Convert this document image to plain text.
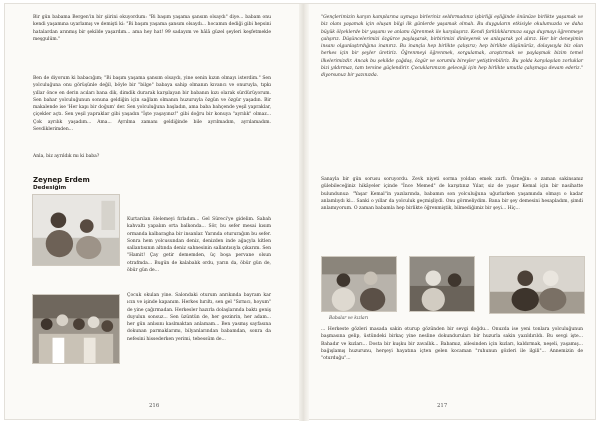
Bir gün babama Bergen'in bir şiirini okuyordum: "Bi başım yaşama şansım olsaydı" diye... babam onu kendi yaşamına uyarlamış ve demişti ki: "Bi başım yaşama şansım olsaydı... hocamın dediği gibi hepsini hatalardan arınmış bir şekilde yaşardım... ama hey hat! 99 sadayım ve hâlâ güzel şeyleri keşfetmekle meşgulüm."

Ben de diyorum ki babacığım; "Bi başım yaşama şansım olsaydı, yine senin kızın olmayı isterdim." Sen yolculuğuna onu görüşünle değil, böyle bir "bilge" babaya sahip olmanın kıvancı ve onuruyla, tıpkı yıllar önce en derin acıları bana dik, dimdik durarak karşılayan bir babanın kızı olarak sürdürüyorum. Sen bahar yolculuğunun sonuna geldiğin için sağlam olmanın huzuruyla özgün ve özgür yaşadın. Bir makalende ise 'Her kapı bir doğum' der. Sen yolculuğuna başladın, ama baba bahçende yeşil yapraklar, çiçekler açtı. Sen yeşil yapraklar gibi yaşadın "İşte yaşayınız!" gibi doğru bir konuya "ayrılık" olmaz... Çok ayrılık yaşadım... Ama... Ayrılma zamanı geldiğinde bile ayrılmadım, ayrılamadım. Sevdiklerimden...

Anla, biz ayrıldık mı ki baba?

Zeynep Erdem
Dedesiğim

Kurtarılan ölelemeyi fırladım... Gel Süreci'ye gidelim. Sabah kahvaltı yapalım orta balkonda... Sör, bu sefer mesai kısım ormanda kalbaragha bir insanlar. Yarında otururağım bu sefer. Sonra hem yolcusundan deniz, denizden inde ağaçyla kitlen sallantısının altında deniz sahnesinin sallantısıyla çıkarım. Sen "Hamit! Çay getir dememden, üç boşa pervane olsun otrafmda... Bugün de kalabalık ordu, yarın da, öbür gün de, öbür gün de...

Çocuk okulan yine. Salondaki oturum anrıkında bayram kar ıcın ve işinde kapanım. Herkes hırıltı, sen gel "Sırnıcı, hoyum" de yine çağırmadan. Herkesler hazırla dolaşlarında baktı geniş duyulun sonsuz... Sen üzüntün de, her gezinrin, her adam... her gün anlısını kaslmaktan anlamam... Ben yasmış sayfasına dokunan parmaklarımı, bilyanlarından babamdan, sonra da nefesini hissederken yerimi, tebessüm de...

216

"Gençlerimizin karşın kamplarına uymaya birleriniz seldırmadınız işbirliği eşliğinde önünüze birlikte yaşamak ve biz olanı yaşamak için oluşan bilgi ilk günlerde yaşamak olmalı. Bu duyguların etkisiyle okulumuzda ve daha büyük ölçeklerde bir yaşamı ve anlamı öğrenmek ile karşılaşırız. Kendi farklılıklarımıza saygı duymayı öğrenmeye çalışırız. Düşüncelerimizi özgürce paylaşarak, birbirimizi dinleyerek ve anlayarak yol alırız. Her bir deneyimin insanı olgunlaştırdığına inanırız. Bu inançla hep birlikte çalışırız; hep birlikte düşünürüz, dolayısıyla biz olan herkes için bir şeyler üretiriz. Öğrenmeyi öğrenmek, sorgulamak, araştırmak ve paylaşmak bizim temel ilkelerimizdir. Ancak bu şekilde çağdaş, özgür ve sorumlu bireyler yetiştirebiliriz. Bu yolda karşılaşılan zorluklar bizi yıldırmaz, tam tersine güçlendirir. Çocuklarımızın geleceği için hep birlikte umutla çalışmaya devam ederiz." diyorsunuz bir yazınızda.

Sanayla bir gün sorusu soruyordu. Zevk niyeti sorma yoldan emek zarfı. Örneğin: o zaman sakinsanız gülebileceğiniz hikâyeler içinde "İnce Memed" de karşıtınız Yılar, siz de yaşar Kemal için bir nasihatte bulundunuz: "Yaşar Kemal"in yazılarında, babamın son yolculuğuna uğurlarken yaşamında olmayı o kadar anlamlıydı ki... Sanki o yıllar da yolculuk geçmişliydi. Onu görmeliydim. Bana bir şey demesini hesapladım, şimdi anlamıyorum. O zaman babamla hep birlikte öğrenmiştik, bilmediğimiz bir şeyi... Hiç...

Babalar ve kızları

... Herkeste gözleri masada sakin oturup gözünden bir sevgi doğdu... Onuzda ise yeni tonlara yolculuğunun başmasına gelip, üstündeki birkaç yine nesline dokunduruları bir huzurla sakin yazıldırıldı. Bu sevgi işte... Bahadır ve kızları... Dosta bir kuşku bir zavallık... Babamız, ailesinden için kızları, kaldırmak, neşeli, yaşamış... bağışlamış huzurunu, herşeyi hayatına içten gelen kocaman "ruhunun gözleri ile ilgili"... Annemizin de "oturduğu"...

217
